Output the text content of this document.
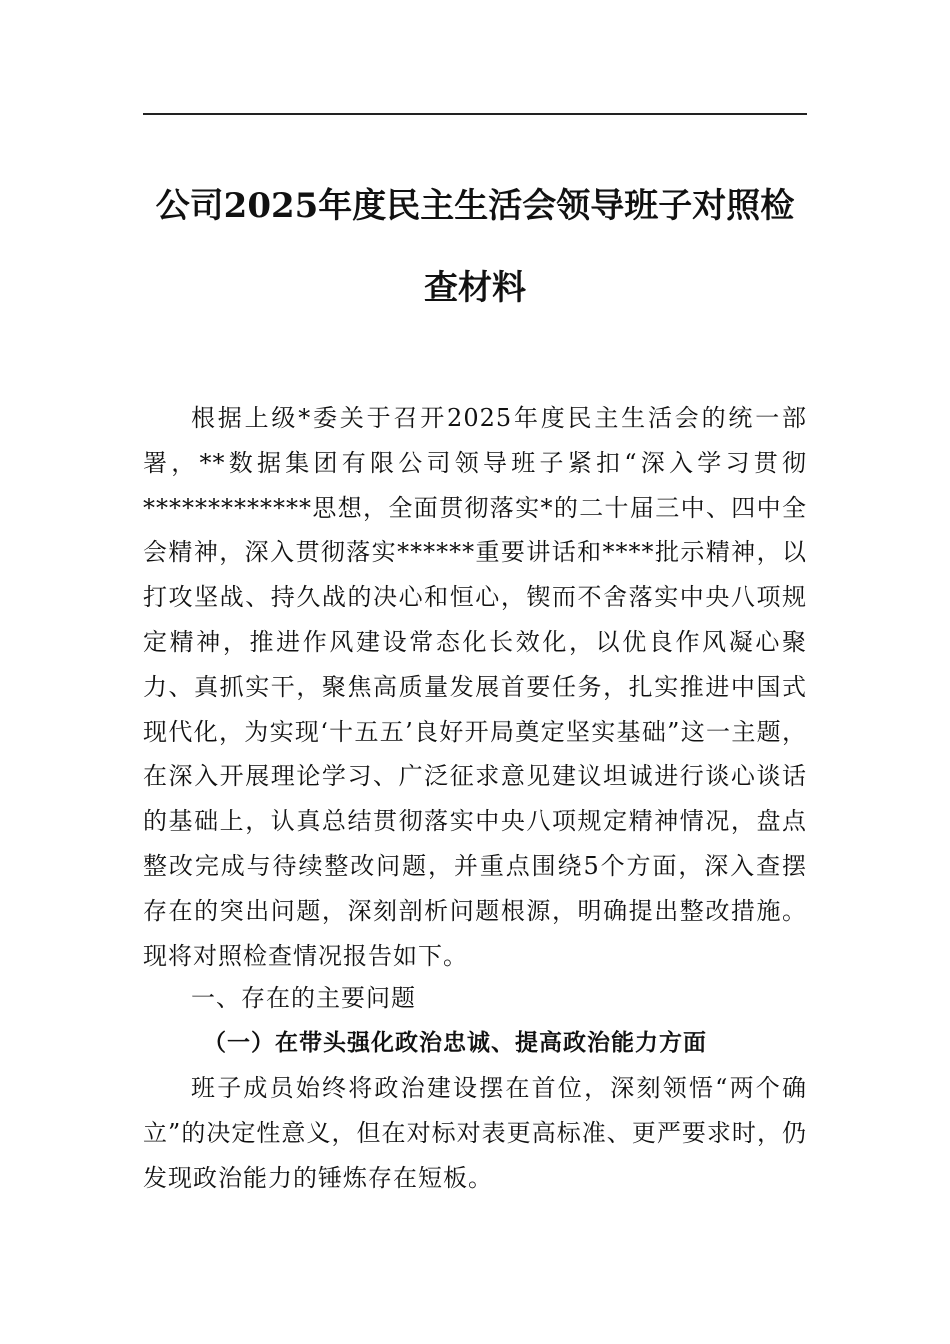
公司2025年度民主生活会领导班子对照检
查材料

根据上级*委关于召开2025年度民主生活会的统一部署，**数据集团有限公司领导班子紧扣“深入学习贯彻*************思想，全面贯彻落实*的二十届三中、四中全会精神，深入贯彻落实******重要讲话和****批示精神，以打攻坚战、持久战的决心和恒心，锲而不舍落实中央八项规定精神，推进作风建设常态化长效化，以优良作风凝心聚力、真抓实干，聚焦高质量发展首要任务，扎实推进中国式现代化，为实现‘十五五’良好开局奠定坚实基础”这一主题，在深入开展理论学习、广泛征求意见建议坦诚进行谈心谈话的基础上，认真总结贯彻落实中央八项规定精神情况，盘点整改完成与待续整改问题，并重点围绕5个方面，深入查摆存在的突出问题，深刻剖析问题根源，明确提出整改措施。现将对照检查情况报告如下。

一、存在的主要问题
（一）在带头强化政治忠诚、提高政治能力方面

班子成员始终将政治建设摆在首位，深刻领悟“两个确立”的决定性意义，但在对标对表更高标准、更严要求时，仍发现政治能力的锤炼存在短板。
